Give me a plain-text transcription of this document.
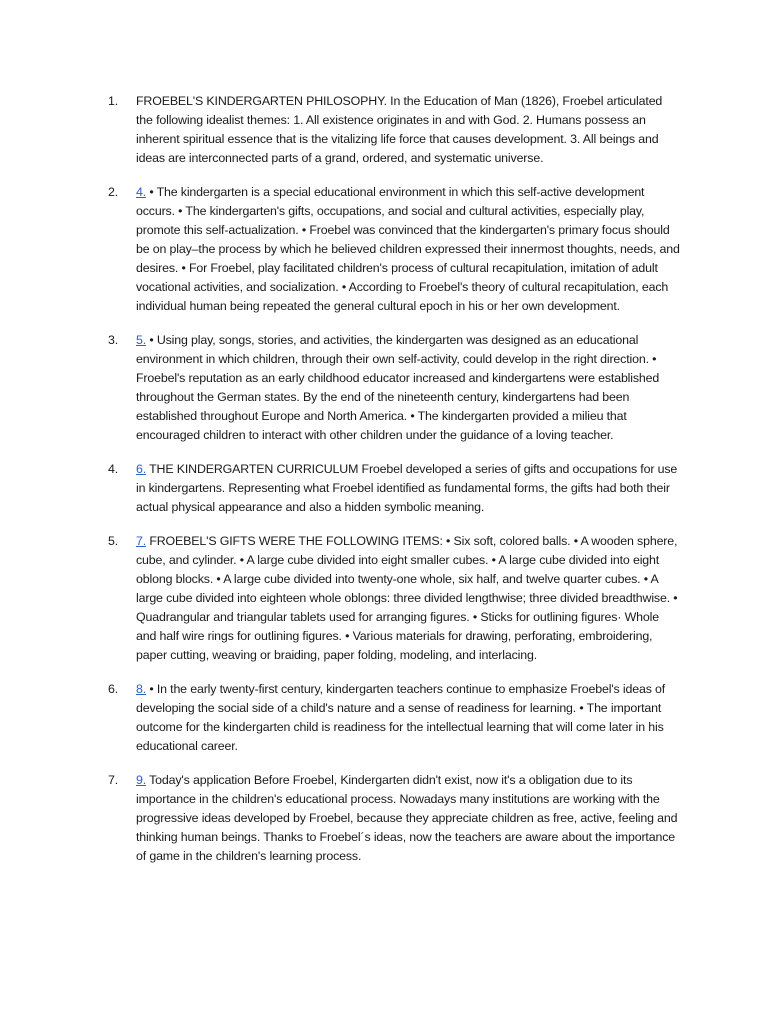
1. FROEBEL'S KINDERGARTEN PHILOSOPHY. In the Education of Man (1826), Froebel articulated the following idealist themes: 1. All existence originates in and with God. 2. Humans possess an inherent spiritual essence that is the vitalizing life force that causes development. 3. All beings and ideas are interconnected parts of a grand, ordered, and systematic universe.
2. 4. • The kindergarten is a special educational environment in which this self-active development occurs. • The kindergarten's gifts, occupations, and social and cultural activities, especially play, promote this self-actualization. • Froebel was convinced that the kindergarten's primary focus should be on play–the process by which he believed children expressed their innermost thoughts, needs, and desires. • For Froebel, play facilitated children's process of cultural recapitulation, imitation of adult vocational activities, and socialization. • According to Froebel's theory of cultural recapitulation, each individual human being repeated the general cultural epoch in his or her own development.
3. 5. • Using play, songs, stories, and activities, the kindergarten was designed as an educational environment in which children, through their own self-activity, could develop in the right direction. • Froebel's reputation as an early childhood educator increased and kindergartens were established throughout the German states. By the end of the nineteenth century, kindergartens had been established throughout Europe and North America. • The kindergarten provided a milieu that encouraged children to interact with other children under the guidance of a loving teacher.
4. 6. THE KINDERGARTEN CURRICULUM Froebel developed a series of gifts and occupations for use in kindergartens. Representing what Froebel identified as fundamental forms, the gifts had both their actual physical appearance and also a hidden symbolic meaning.
5. 7. FROEBEL'S GIFTS WERE THE FOLLOWING ITEMS: • Six soft, colored balls. • A wooden sphere, cube, and cylinder. • A large cube divided into eight smaller cubes. • A large cube divided into eight oblong blocks. • A large cube divided into twenty-one whole, six half, and twelve quarter cubes. • A large cube divided into eighteen whole oblongs: three divided lengthwise; three divided breadthwise. • Quadrangular and triangular tablets used for arranging figures. • Sticks for outlining figures· Whole and half wire rings for outlining figures. • Various materials for drawing, perforating, embroidering, paper cutting, weaving or braiding, paper folding, modeling, and interlacing.
6. 8. • In the early twenty-first century, kindergarten teachers continue to emphasize Froebel's ideas of developing the social side of a child's nature and a sense of readiness for learning. • The important outcome for the kindergarten child is readiness for the intellectual learning that will come later in his educational career.
7. 9. Today's application Before Froebel, Kindergarten didn't exist, now it's a obligation due to its importance in the children's educational process. Nowadays many institutions are working with the progressive ideas developed by Froebel, because they appreciate children as free, active, feeling and thinking human beings. Thanks to Froebel´s ideas, now the teachers are aware about the importance of game in the children's learning process.
